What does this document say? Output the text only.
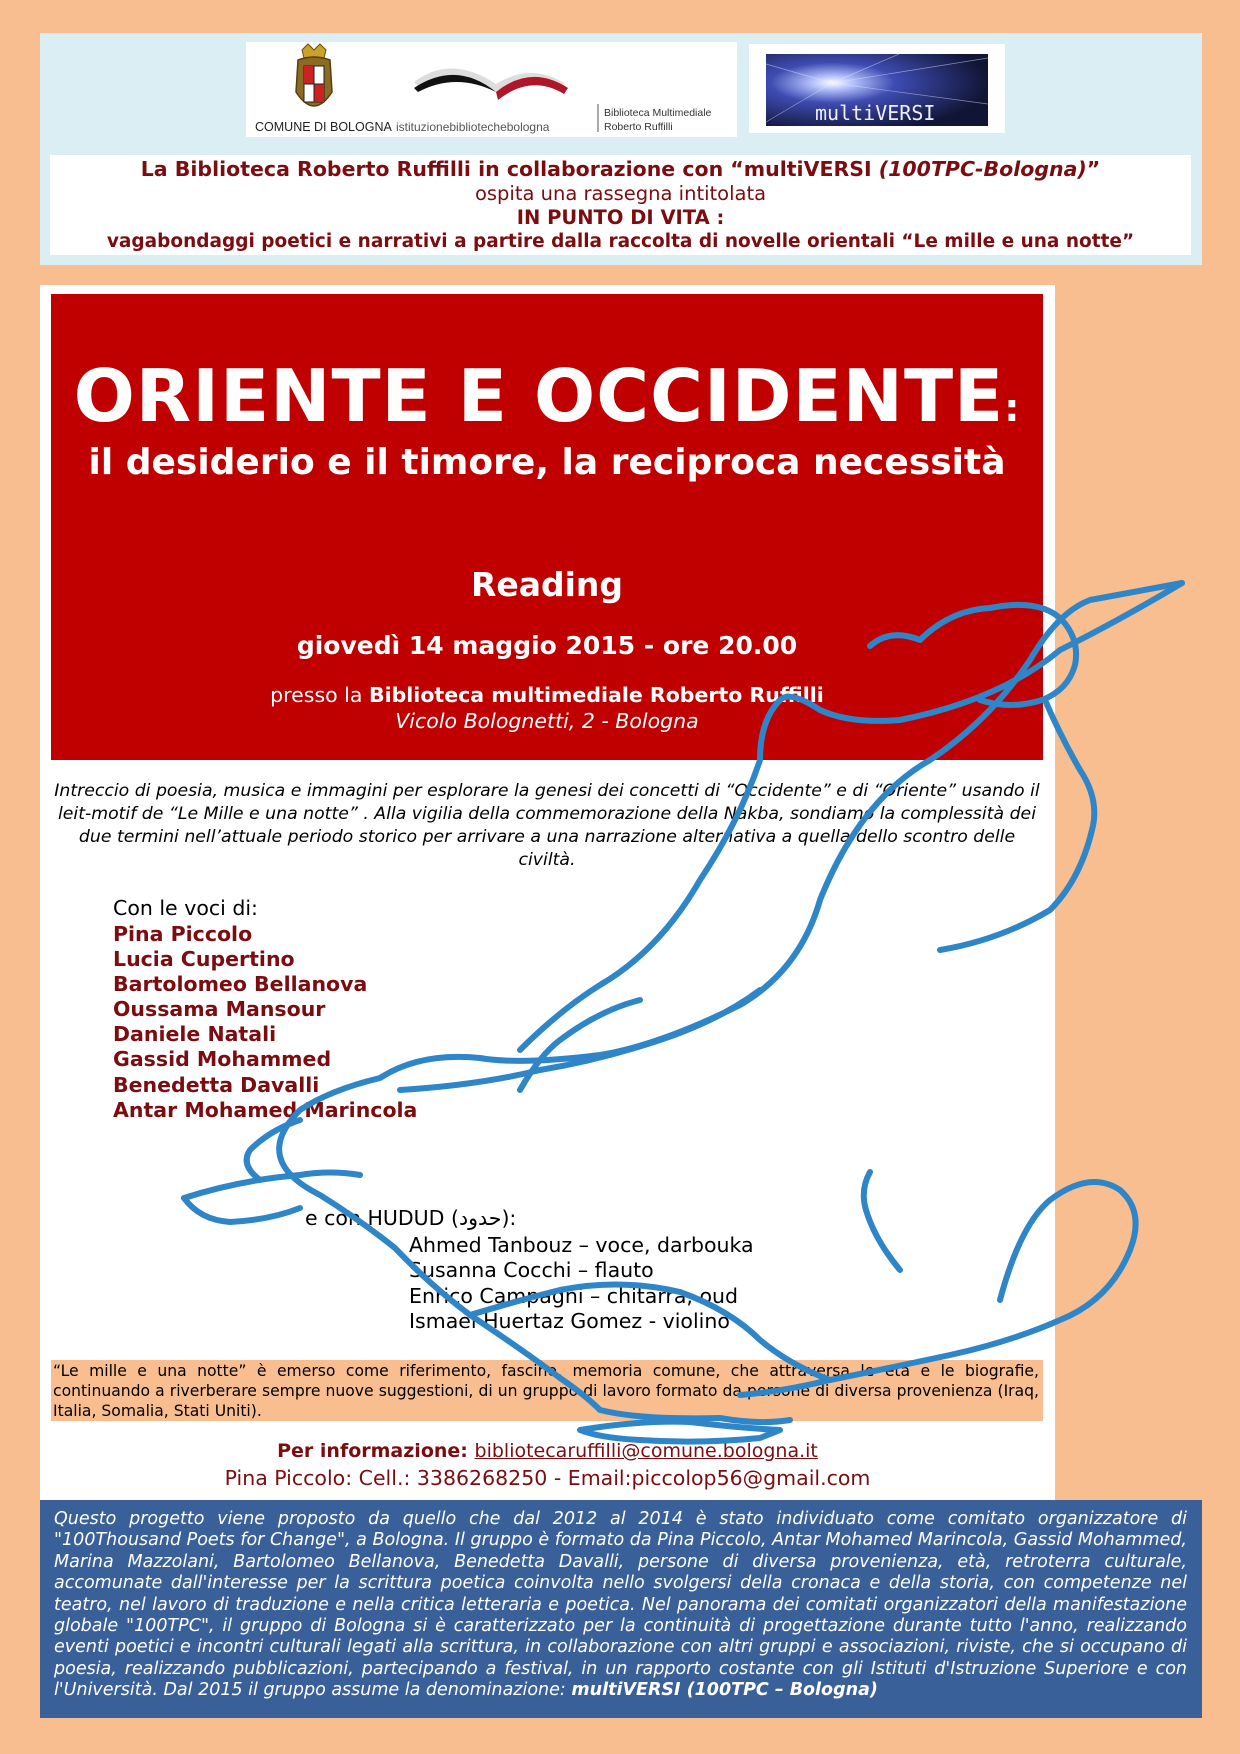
COMUNE DI BOLOGNA istituzionebibliotechebologna
Biblioteca Multimediale
Roberto Ruffilli
multiVERSI
La Biblioteca Roberto Ruffilli in collaborazione con “multiVERSI (100TPC-Bologna)”
ospita una rassegna intitolata
IN PUNTO DI VITA :
vagabondaggi poetici e narrativi a partire dalla raccolta di novelle orientali “Le mille e una notte”
ORIENTE E OCCIDENTE:
il desiderio e il timore, la reciproca necessità
Reading
giovedì 14 maggio 2015 - ore 20.00
presso la Biblioteca multimediale Roberto Ruffilli
Vicolo Bolognetti, 2 - Bologna
Intreccio di poesia, musica e immagini per esplorare la genesi dei concetti di “Occidente” e di “Oriente” usando il leit-motif de “Le Mille e una notte” . Alla vigilia della commemorazione della Nakba, sondiamo la complessità dei due termini nell’attuale periodo storico per arrivare a una narrazione alternativa a quella dello scontro delle civiltà.
Con le voci di:
Pina Piccolo
Lucia Cupertino
Bartolomeo Bellanova
Oussama Mansour
Daniele Natali
Gassid Mohammed
Benedetta Davalli
Antar Mohamed Marincola
e con HUDUD (حدود):
Ahmed Tanbouz – voce, darbouka
Susanna Cocchi – flauto
Enrico Campagni – chitarra, oud
Ismael Huertaz Gomez - violino
“Le mille e una notte” è emerso come riferimento, fascino, memoria comune, che attraversa le età e le biografie, continuando a riverberare sempre nuove suggestioni, di un gruppo di lavoro formato da persone di diversa provenienza (Iraq, Italia, Somalia, Stati Uniti).
Per informazione: bibliotecaruffilli@comune.bologna.it
Pina Piccolo: Cell.: 3386268250 - Email:piccolop56@gmail.com
Questo progetto viene proposto da quello che dal 2012 al 2014 è stato individuato come comitato organizzatore di "100Thousand Poets for Change", a Bologna. Il gruppo è formato da Pina Piccolo, Antar Mohamed Marincola, Gassid Mohammed, Marina Mazzolani, Bartolomeo Bellanova, Benedetta Davalli, persone di diversa provenienza, età, retroterra culturale, accomunate dall'interesse per la scrittura poetica coinvolta nello svolgersi della cronaca e della storia, con competenze nel teatro, nel lavoro di traduzione e nella critica letteraria e poetica. Nel panorama dei comitati organizzatori della manifestazione globale "100TPC", il gruppo di Bologna si è caratterizzato per la continuità di progettazione durante tutto l'anno, realizzando eventi poetici e incontri culturali legati alla scrittura, in collaborazione con altri gruppi e associazioni, riviste, che si occupano di poesia, realizzando pubblicazioni, partecipando a festival, in un rapporto costante con gli Istituti d'Istruzione Superiore e con l'Università. Dal 2015 il gruppo assume la denominazione: multiVERSI (100TPC – Bologna)
